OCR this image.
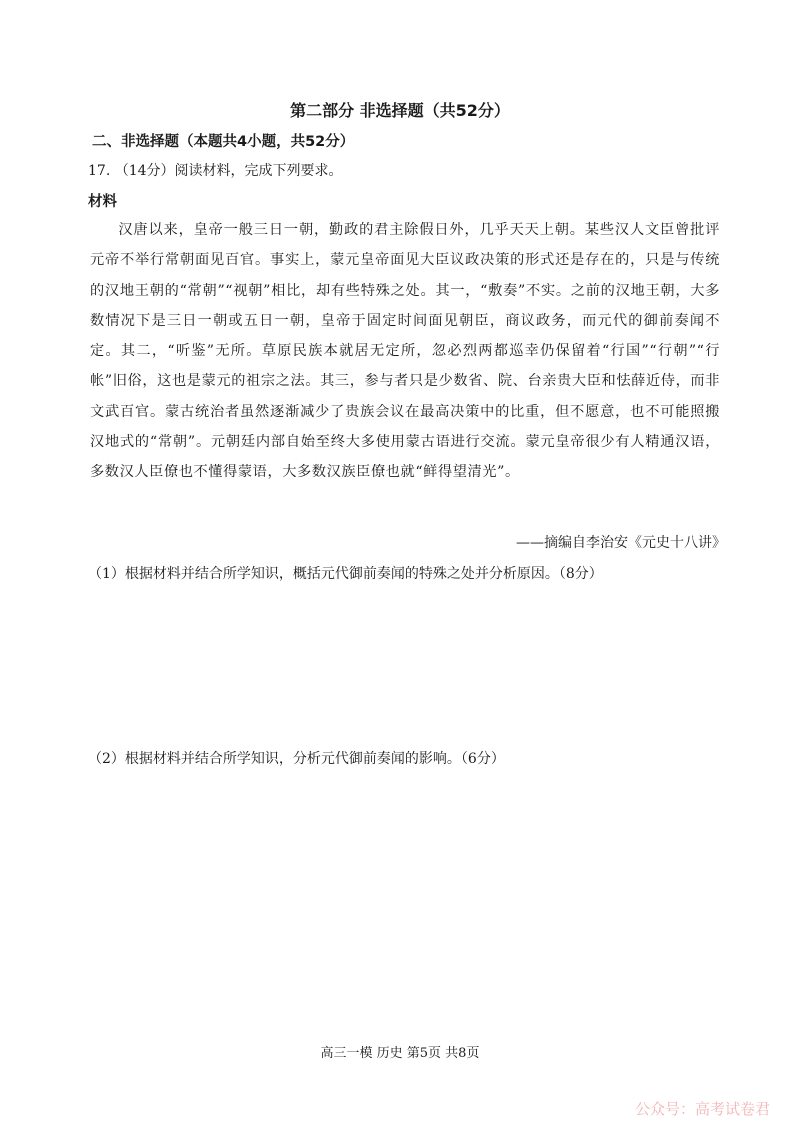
第二部分 非选择题（共52分）
二、非选择题（本题共4小题，共52分）
17. （14分）阅读材料，完成下列要求。
材料
汉唐以来，皇帝一般三日一朝，勤政的君主除假日外，几乎天天上朝。某些汉人文臣曾批评元帝不举行常朝面见百官。事实上，蒙元皇帝面见大臣议政决策的形式还是存在的，只是与传统的汉地王朝的“常朝”“视朝”相比，却有些特殊之处。其一，“敷奏”不实。之前的汉地王朝，大多数情况下是三日一朝或五日一朝，皇帝于固定时间面见朝臣，商议政务，而元代的御前奏闻不定。其二，“听鉴”无所。草原民族本就居无定所，忽必烈两都巡幸仍保留着“行国”“行朝”“行帐”旧俗，这也是蒙元的祖宗之法。其三，参与者只是少数省、院、台亲贵大臣和怯薛近侍，而非文武百官。蒙古统治者虽然逐渐减少了贵族会议在最高决策中的比重，但不愿意，也不可能照搬汉地式的“常朝”。元朝廷内部自始至终大多使用蒙古语进行交流。蒙元皇帝很少有人精通汉语，多数汉人臣僚也不懂得蒙语，大多数汉族臣僚也就“鲜得望清光”。
——摘编自李治安《元史十八讲》
（1）根据材料并结合所学知识，概括元代御前奏闻的特殊之处并分析原因。（8分）
（2）根据材料并结合所学知识，分析元代御前奏闻的影响。（6分）
高三一模 历史 第5页 共8页
公众号：高考试卷君
